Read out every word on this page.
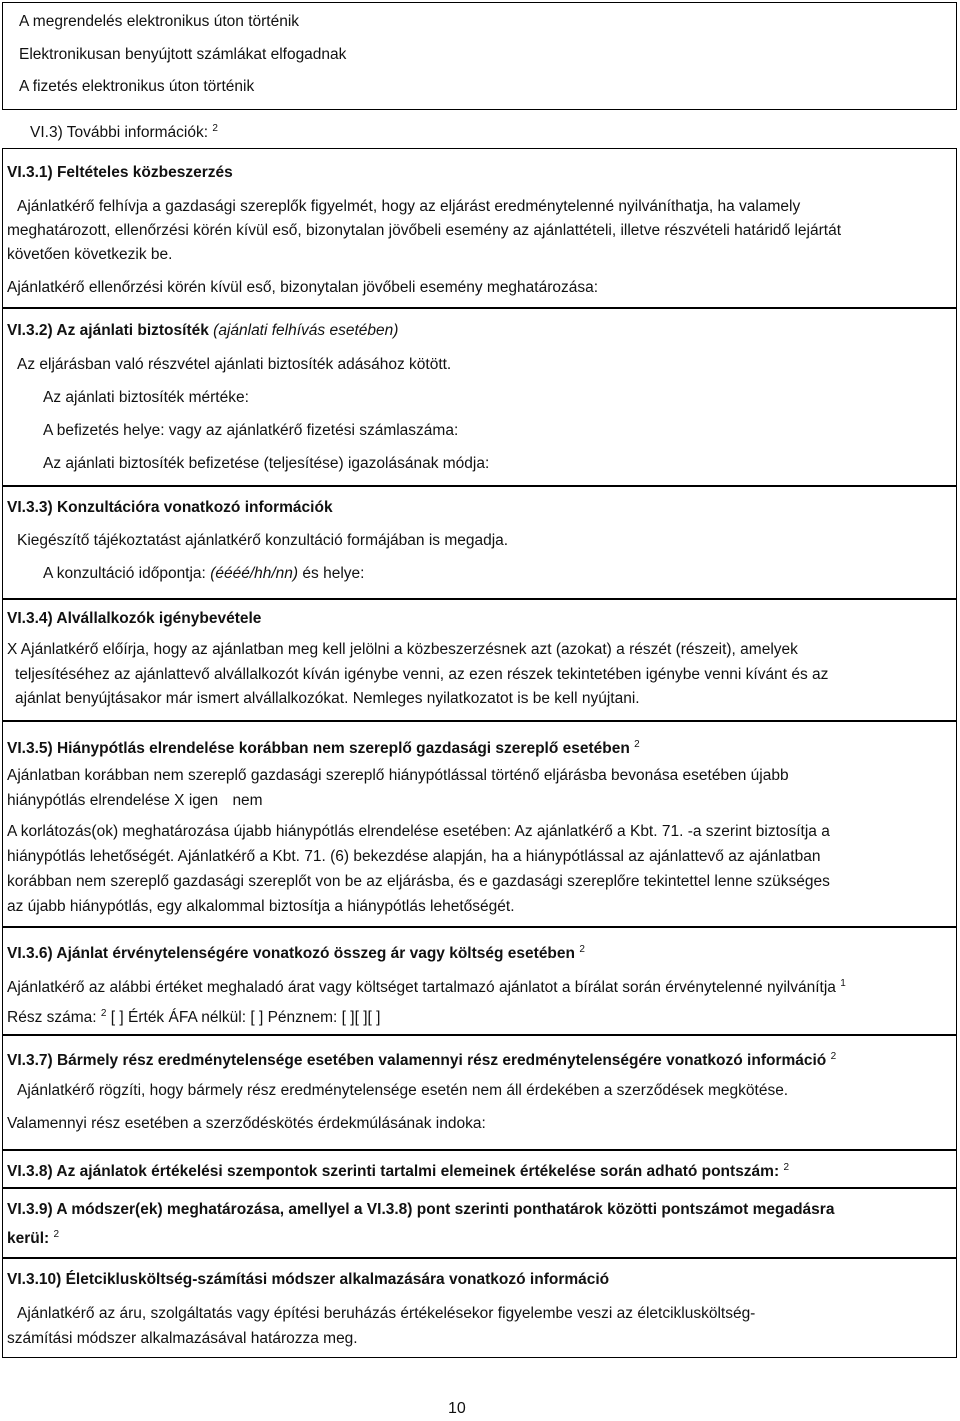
A megrendelés elektronikus úton történik
Elektronikusan benyújtott számlákat elfogadnak
A fizetés elektronikus úton történik
VI.3) További információk: $^2$
VI.3.1) Feltételes közbeszerzés
Ajánlatkérő felhívja a gazdasági szereplők figyelmét, hogy az eljárást eredménytelenné nyilváníthatja, ha valamely
meghatározott, ellenőrzési körén kívül eső, bizonytalan jövőbeli esemény az ajánlattételi, illetve részvételi határidő lejártát
követően következik be.
Ajánlatkérő ellenőrzési körén kívül eső, bizonytalan jövőbeli esemény meghatározása:
VI.3.2) Az ajánlati biztosíték (ajánlati felhívás esetében)
Az eljárásban való részvétel ajánlati biztosíték adásához kötött.
Az ajánlati biztosíték mértéke:
A befizetés helye: vagy az ajánlatkérő fizetési számlaszáma:
Az ajánlati biztosíték befizetése (teljesítése) igazolásának módja:
VI.3.3) Konzultációra vonatkozó információk
Kiegészítő tájékoztatást ajánlatkérő konzultáció formájában is megadja.
A konzultáció időpontja: (éééé/hh/nn) és helye:
VI.3.4) Alvállalkozók igénybevétele
X Ajánlatkérő előírja, hogy az ajánlatban meg kell jelölni a közbeszerzésnek azt (azokat) a részét (részeit), amelyek
teljesítéséhez az ajánlattevő alvállalkozót kíván igénybe venni, az ezen részek tekintetében igénybe venni kívánt és az
ajánlat benyújtásakor már ismert alvállalkozókat. Nemleges nyilatkozatot is be kell nyújtani.
VI.3.5) Hiánypótlás elrendelése korábban nem szereplő gazdasági szereplő esetében $^2$
Ajánlatban korábban nem szereplő gazdasági szereplő hiánypótlással történő eljárásba bevonása esetében újabb
hiánypótlás elrendelése X igen nem
A korlátozás(ok) meghatározása újabb hiánypótlás elrendelése esetében: Az ajánlatkérő a Kbt. 71. -a szerint biztosítja a
hiánypótlás lehetőségét. Ajánlatkérő a Kbt. 71. (6) bekezdése alapján, ha a hiánypótlással az ajánlattevő az ajánlatban
korábban nem szereplő gazdasági szereplőt von be az eljárásba, és e gazdasági szereplőre tekintettel lenne szükséges
az újabb hiánypótlás, egy alkalommal biztosítja a hiánypótlás lehetőségét.
VI.3.6) Ajánlat érvénytelenségére vonatkozó összeg ár vagy költség esetében $^2$
Ajánlatkérő az alábbi értéket meghaladó árat vagy költséget tartalmazó ajánlatot a bírálat során érvénytelenné nyilvánítja $^1$
Rész száma: $^2$ [ ] Érték ÁFA nélkül: [ ] Pénznem: [ ][ ][ ]
VI.3.7) Bármely rész eredménytelensége esetében valamennyi rész eredménytelenségére vonatkozó információ $^2$
Ajánlatkérő rögzíti, hogy bármely rész eredménytelensége esetén nem áll érdekében a szerződések megkötése.
Valamennyi rész esetében a szerződéskötés érdekmúlásának indoka:
VI.3.8) Az ajánlatok értékelési szempontok szerinti tartalmi elemeinek értékelése során adható pontszám: $^2$
VI.3.9) A módszer(ek) meghatározása, amellyel a VI.3.8) pont szerinti ponthatárok közötti pontszámot megadásra
kerül: $^2$
VI.3.10) Életciklusköltség-számítási módszer alkalmazására vonatkozó információ
Ajánlatkérő az áru, szolgáltatás vagy építési beruházás értékelésekor figyelembe veszi az életciklusköltség-
számítási módszer alkalmazásával határozza meg.
10
